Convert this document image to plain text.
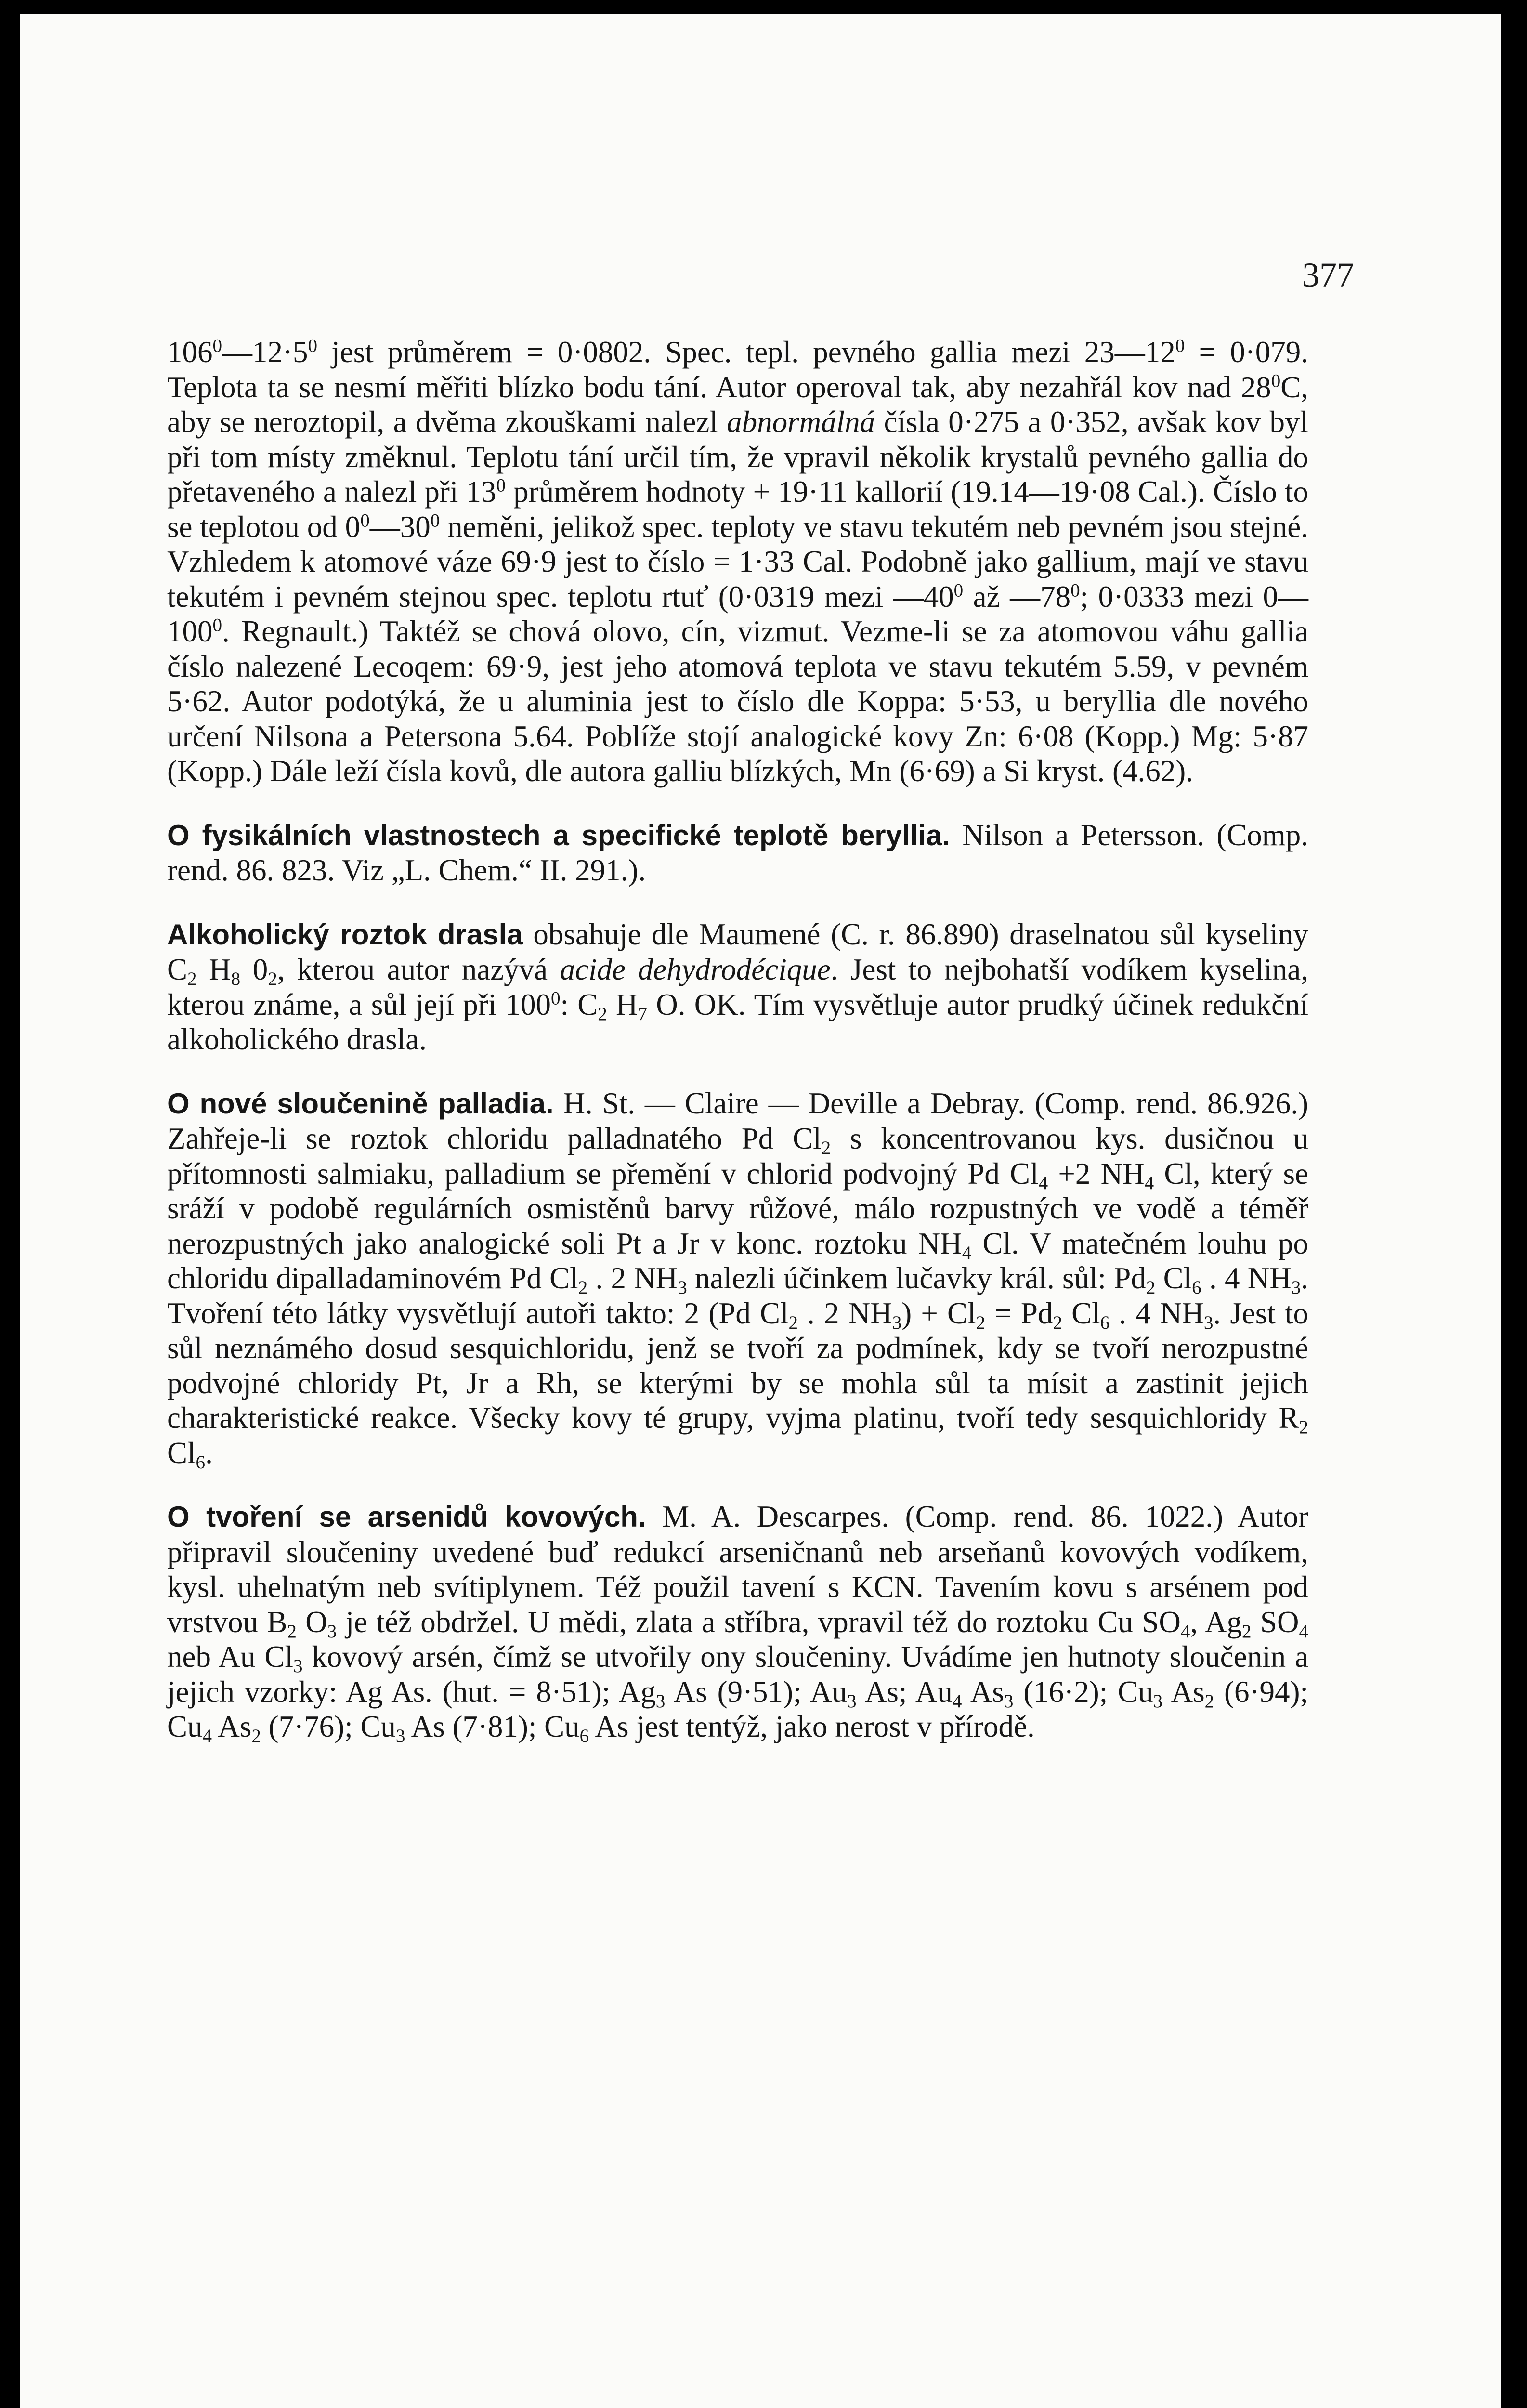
377

$106^0—12\cdot 5^0$ jest průměrem = 0·0802. Spec. tepl. pevného gallia mezi $23—12^0 = 0\cdot 079$. Teplota ta se nesmí měřiti blízko bodu tání. Autor operoval tak, aby nezahřál kov nad $28^0C$, aby se neroztopil, a dvěma zkouškami nalezl abnormálná čísla 0·275 a 0·352, avšak kov byl při tom místy změknul. Teplotu tání určil tím, že vpravil několik krystalů pevného gallia do přetaveného a nalezl při $13^0$ průměrem hodnoty + 19·11 kallorií (19.14—19·08 Cal.). Číslo to se teplotou od $0^0—30^0$ neměni, jelikož spec. teploty ve stavu tekutém neb pevném jsou stejné. Vzhledem k atomové váze 69·9 jest to číslo = 1·33 Cal. Podobně jako gallium, mají ve stavu tekutém i pevném stejnou spec. teplotu rtuť (0·0319 mezi $—40^0$ až $—78^0$; 0·0333 mezi $0—100^0$. Regnault.) Taktéž se chová olovo, cín, vizmut. Vezme-li se za atomovou váhu gallia číslo nalezené Lecoqem: 69·9, jest jeho atomová teplota ve stavu tekutém 5.59, v pevném 5·62. Autor podotýká, že u aluminia jest to číslo dle Koppa: 5·53, u beryllia dle nového určení Nilsona a Petersona 5.64. Poblíže stojí analogické kovy Zn: 6·08 (Kopp.) Mg: 5·87 (Kopp.) Dále leží čísla kovů, dle autora galliu blízkých, Mn (6·69) a Si kryst. (4.62).

O fysikálních vlastnostech a specifické teplotě beryllia. Nilson a Petersson. (Comp. rend. 86. 823. Viz „L. Chem.“ II. 291.).

Alkoholický roztok drasla obsahuje dle Maumené (C. r. 86.890) draselnatou sůl kyseliny $C_2$ $H_8$ $0_2$, kterou autor nazývá acide dehydrodécique. Jest to nejbohatší vodíkem kyselina, kterou známe, a sůl její při $100^0$: $C_2$ $H_7$ O. OK. Tím vysvětluje autor prudký účinek redukční alkoholického drasla.

O nové sloučenině palladia. H. St. — Claire — Deville a Debray. (Comp. rend. 86.926.) Zahřeje-li se roztok chloridu palladnatého Pd $Cl_2$ s koncentrovanou kys. dusičnou u přítomnosti salmiaku, palladium se přemění v chlorid podvojný Pd $Cl_4 +2$ $NH_4$ Cl, který se sráží v podobě regulárních osmistěnů barvy růžové, málo rozpustných ve vodě a téměř nerozpustných jako analogické soli Pt a Jr v konc. roztoku $NH_4$ Cl. V matečném louhu po chloridu dipalladaminovém Pd $Cl_2$ . 2 $NH_3$ nalezli účinkem lučavky král. sůl: $Pd_2$ $Cl_6$ . 4 $NH_3$. Tvoření této látky vysvětlují autoři takto: 2 (Pd $Cl_2$ . 2 $NH_3) + Cl_2 = Pd_2$ $Cl_6$ . 4 $NH_3$. Jest to sůl neznámého dosud sesquichloridu, jenž se tvoří za podmínek, kdy se tvoří nerozpustné podvojné chloridy Pt, Jr a Rh, se kterými by se mohla sůl ta mísit a zastinit jejich charakteristické reakce. Všecky kovy té grupy, vyjma platinu, tvoří tedy sesquichloridy $R_2$ $Cl_6$.

O tvoření se arsenidů kovových. M. A. Descarpes. (Comp. rend. 86. 1022.) Autor připravil sloučeniny uvedené buď redukcí arseničnanů neb arseňanů kovových vodíkem, kysl. uhelnatým neb svítiplynem. Též použil tavení s KCN. Tavením kovu s arsénem pod vrstvou $B_2$ $O_3$ je též obdržel. U mědi, zlata a stříbra, vpravil též do roztoku Cu $SO_4$, $Ag_2$ $SO_4$ neb Au $Cl_3$ kovový arsén, čímž se utvořily ony sloučeniny. Uvádíme jen hutnoty sloučenin a jejich vzorky: Ag As. (hut. = 8·51); $Ag_3$ As (9·51); $Au_3$ As; $Au_4$ $As_3$ (16·2); $Cu_3$ $As_2$ (6·94); $Cu_4$ $As_2$ (7·76); $Cu_3$ As (7·81); $Cu_6$ As jest tentýž, jako nerost v přírodě.
